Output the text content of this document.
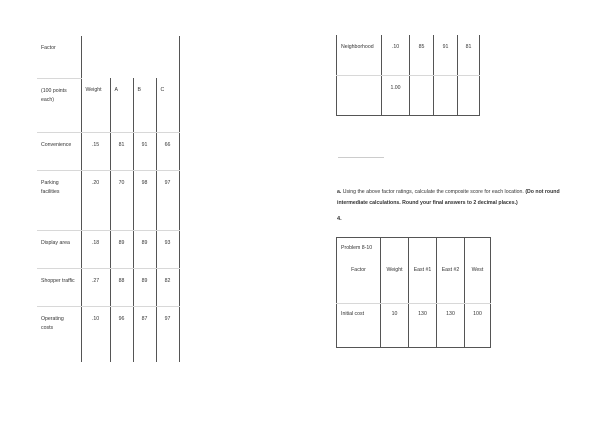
Factor				
(100 points each)	Weight	A	B	C
Convenience	.15	81	91	66
Parking facilities	.20	70	98	97
Display area	.18	89	89	93
Shopper traffic	.27	88	89	82
Operating costs	.10	96	87	97
Neighborhood	.10	85	91	81
	1.00			
a. Using the above factor ratings, calculate the composite score for each location. (Do not round intermediate calculations. Round your final answers to 2 decimal places.)
4.
Problem 8-10				
Factor	Weight	East #1	East #2	West
Initial cost	10	130	130	100
